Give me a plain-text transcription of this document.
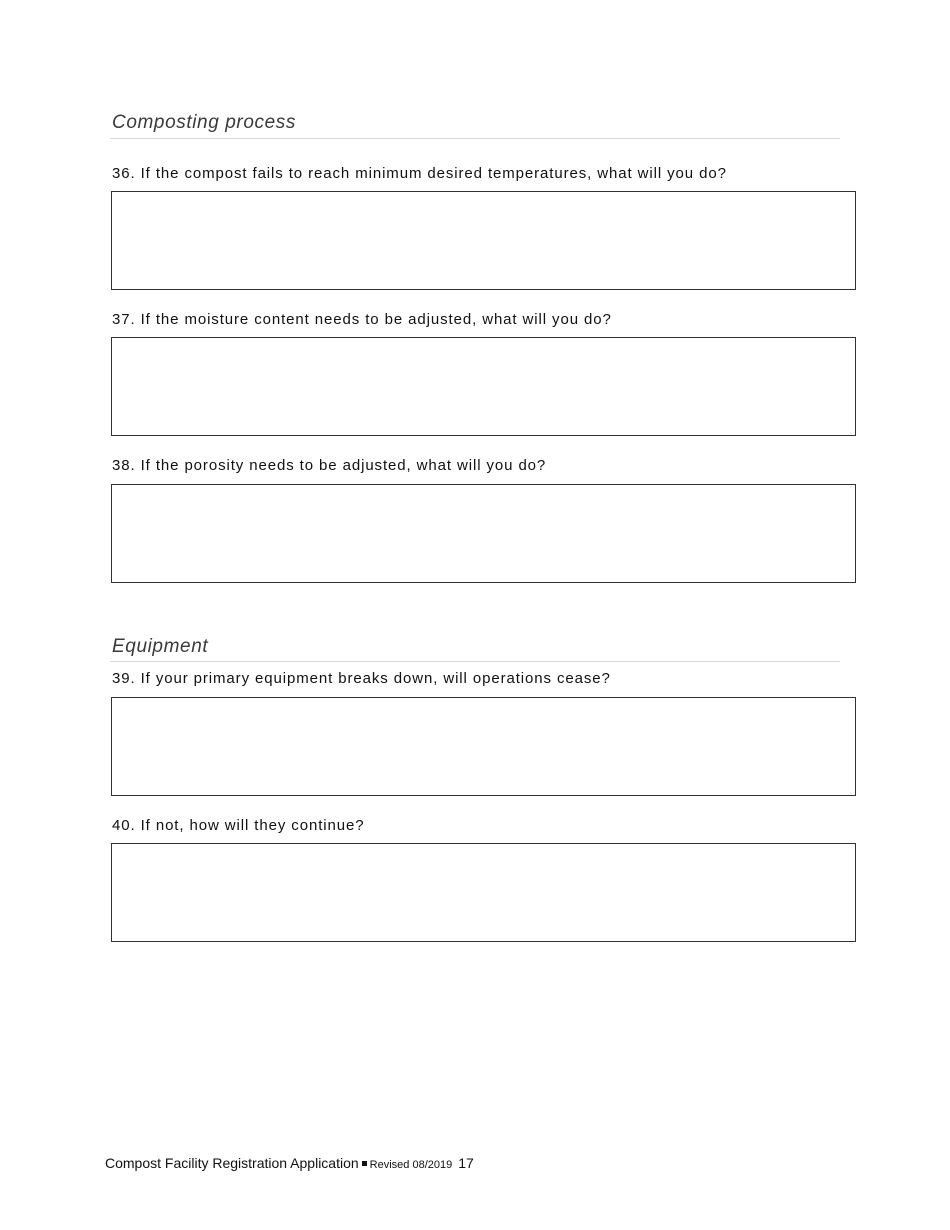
Composting process

36. If the compost fails to reach minimum desired temperatures, what will you do?

37. If the moisture content needs to be adjusted, what will you do?

38. If the porosity needs to be adjusted, what will you do?

Equipment

39. If your primary equipment breaks down, will operations cease?

40. If not, how will they continue?

Compost Facility Registration Application Revised 08/2019 17
